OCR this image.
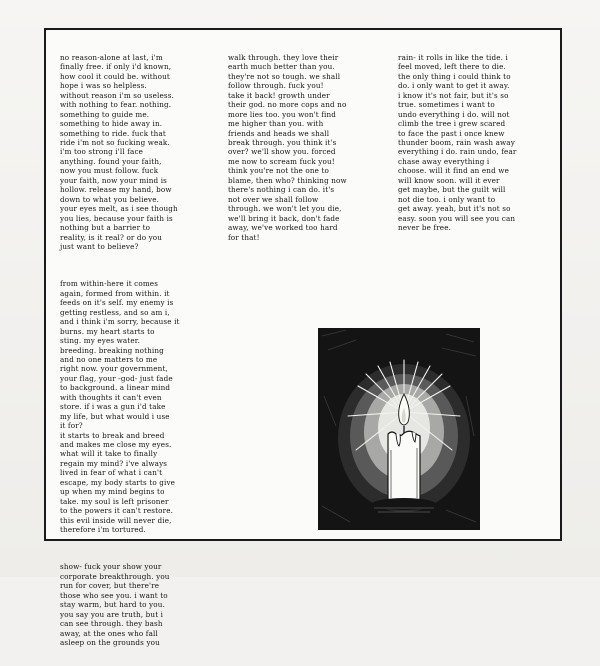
no reason-alone at last, i'm
finally free. if only i'd known,
how cool it could be. without
hope i was so helpless.
without reason i'm so useless.
with nothing to fear. nothing.
something to guide me.
something to hide away in.
something to ride. fuck that
ride i'm not so fucking weak.
i'm too strong i'll face
anything. found your faith,
now you must follow. fuck
your faith, now your mind is
hollow. release my hand, bow
down to what you believe.
your eyes melt, as i see though
you lies, because your faith is
nothing but a barrier to
reality, is it real? or do you
just want to believe?

from within-here it comes
again, formed from within. it
feeds on it's self. my enemy is
getting restless, and so am i,
and i think i'm sorry, because it
burns. my heart starts to
sting. my eyes water.
breeding. breaking nothing
and no one matters to me
right now. your government,
your flag, your -god- just fade
to background. a linear mind
with thoughts it can't even
store. if i was a gun i'd take
my life, but what would i use
it for?
it starts to break and breed
and makes me close my eyes.
what will it take to finally
regain my mind? i've always
lived in fear of what i can't
escape, my body starts to give
up when my mind begins to
take. my soul is left prisoner
to the powers it can't restore.
this evil inside will never die,
therefore i'm tortured.

show- fuck your show your
corporate breakthrough. you
run for cover, but there're
those who see you. i want to
stay warm, but hard to you.
you say you are truth, but i
can see through. they bash
away, at the ones who fall
asleep on the grounds you

walk through. they love their
earth much better than you.
they're not so tough. we shall
follow through. fuck you!
take it back! growth under
their god. no more cops and no
more lies too. you won't find
me higher than you. with
friends and heads we shall
break through. you think it's
over? we'll show you. forced
me now to scream fuck you!
think you're not the one to
blame, then who? thinking now
there's nothing i can do. it's
not over we shall follow
through. we won't let you die,
we'll bring it back, don't fade
away, we've worked too hard
for that!

rain- it rolls in like the tide. i
feel moved, left there to die.
the only thing i could think to
do. i only want to get it away.
i know it's not fair, but it's so
true. sometimes i want to
undo everything i do. will not
climb the tree i grew scared
to face the past i once knew
thunder boom, rain wash away
everything i do. rain undo, fear
chase away everything i
choose. will it find an end we
will know soon. will it ever
get maybe, but the guilt will
not die too. i only want to
get away. yeah, but it's not so
easy. soon you will see you can
never be free.
